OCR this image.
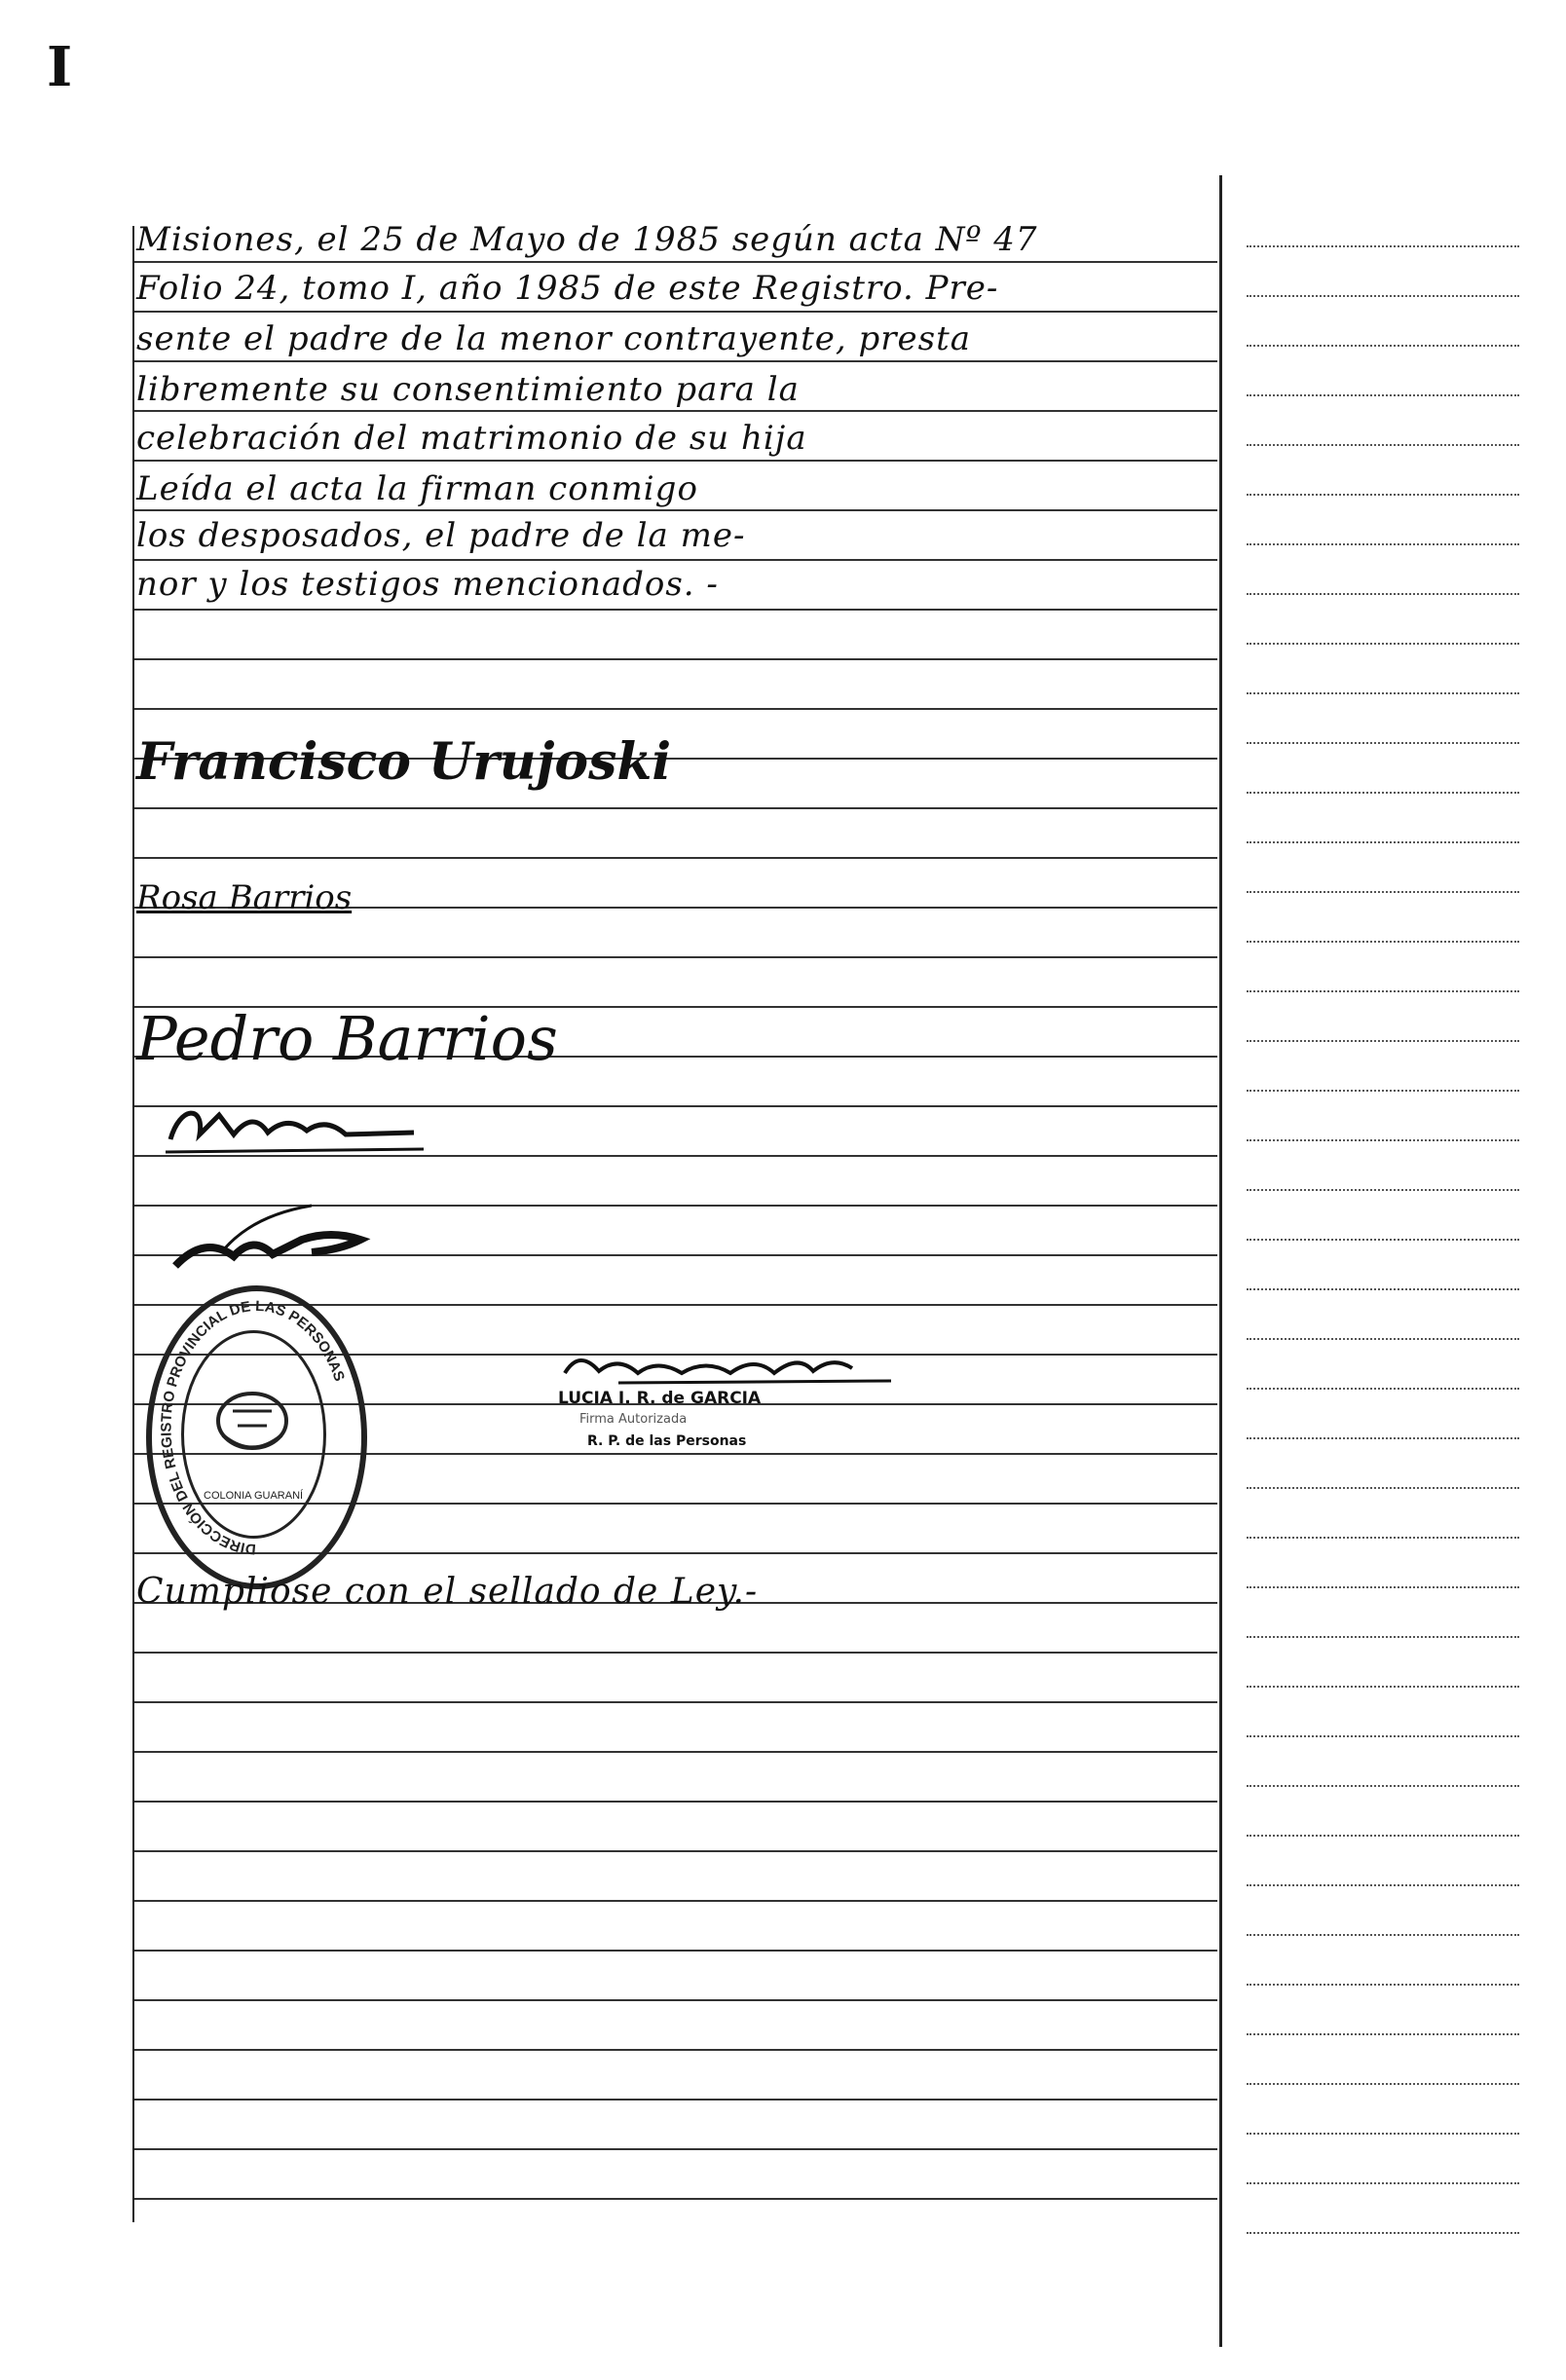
I
Misiones, el 25 de Mayo de 1985 según acta Nº 47
Folio 24, tomo I, año 1985 de este Registro. Pre-
sente el padre de la menor contrayente, presta
libremente su consentimiento para la
celebración del matrimonio de su hija
Leída el acta la firman conmigo
los desposados, el padre de la me-
nor y los testigos mencionados. -
Francisco Urujoski
Rosa Barrios
Pedro Barrios
DIRECCIÓN DEL REGISTRO PROVINCIAL DE LAS PERSONAS
COLONIA GUARANÍ
LUCIA I. R. de GARCIA
Firma Autorizada
R. P. de las Personas
Cumpliose con el sellado de Ley.-
